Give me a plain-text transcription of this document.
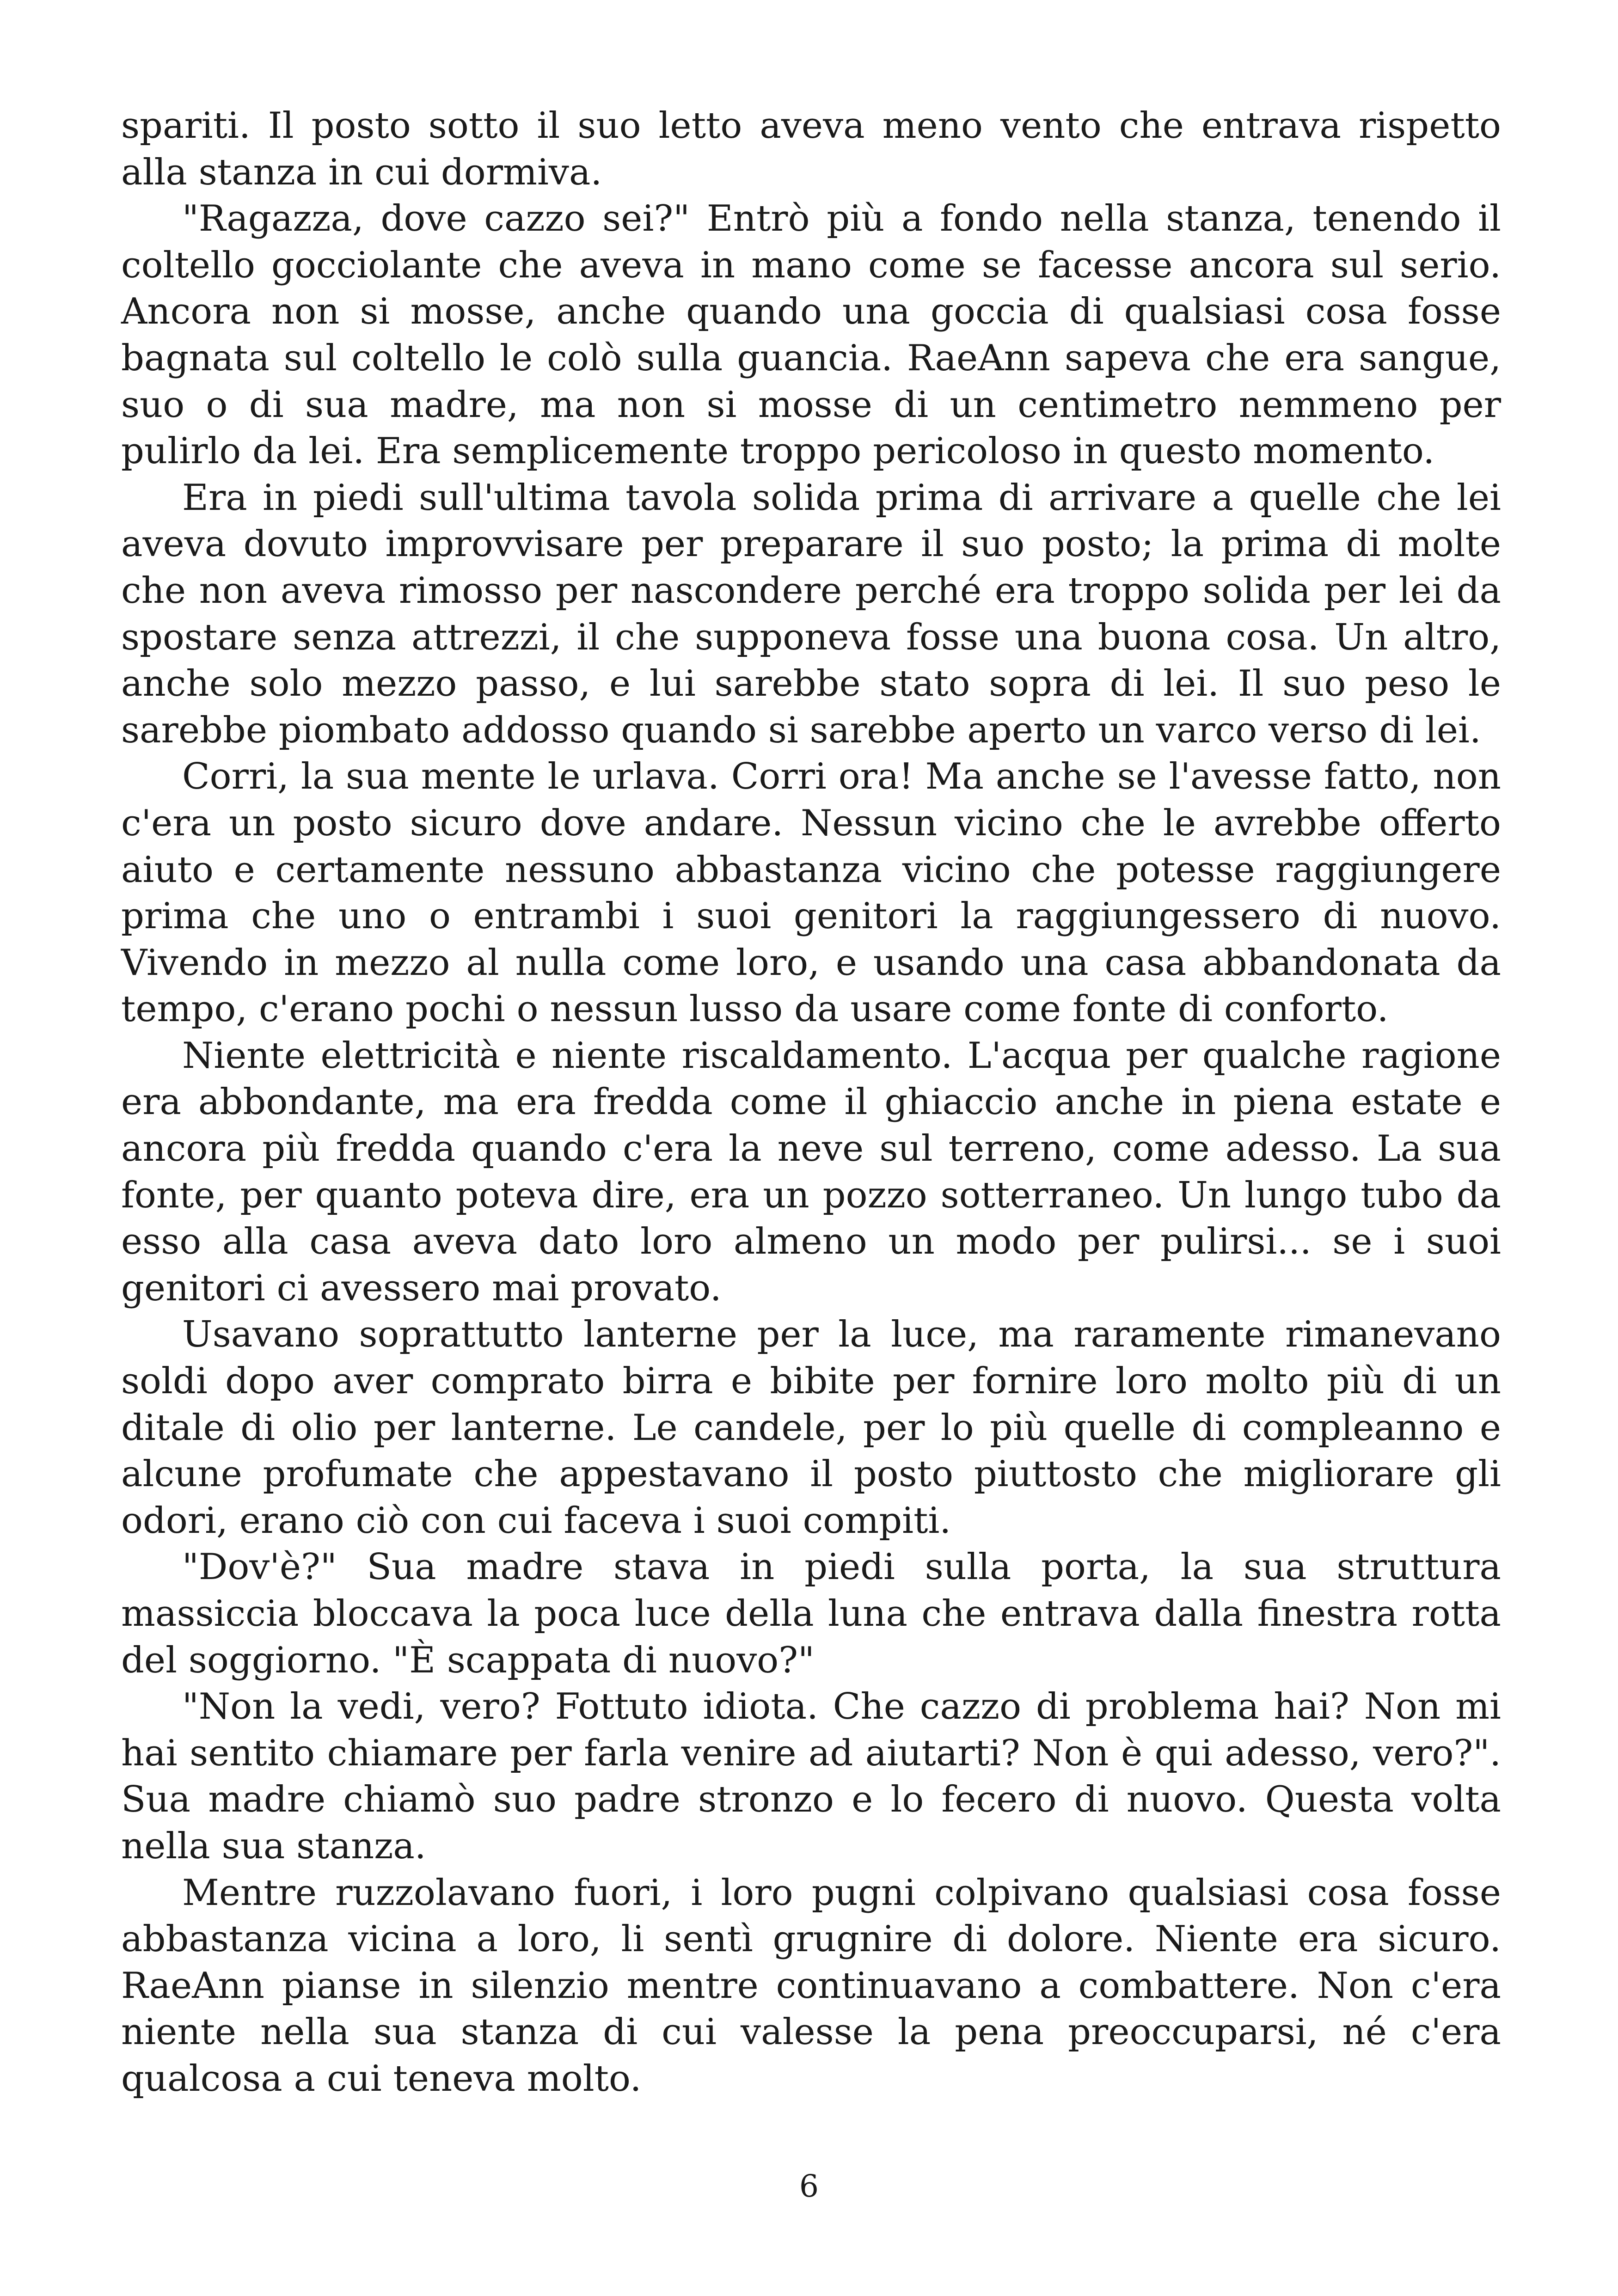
spariti. Il posto sotto il suo letto aveva meno vento che entrava rispetto alla stanza in cui dormiva.

"Ragazza, dove cazzo sei?" Entrò più a fondo nella stanza, tenendo il coltello gocciolante che aveva in mano come se facesse ancora sul serio. Ancora non si mosse, anche quando una goccia di qualsiasi cosa fosse bagnata sul coltello le colò sulla guancia. RaeAnn sapeva che era sangue, suo o di sua madre, ma non si mosse di un centimetro nemmeno per pulirlo da lei. Era semplicemente troppo pericoloso in questo momento.

Era in piedi sull'ultima tavola solida prima di arrivare a quelle che lei aveva dovuto improvvisare per preparare il suo posto; la prima di molte che non aveva rimosso per nascondere perché era troppo solida per lei da spostare senza attrezzi, il che supponeva fosse una buona cosa. Un altro, anche solo mezzo passo, e lui sarebbe stato sopra di lei. Il suo peso le sarebbe piombato addosso quando si sarebbe aperto un varco verso di lei.

Corri, la sua mente le urlava. Corri ora! Ma anche se l'avesse fatto, non c'era un posto sicuro dove andare. Nessun vicino che le avrebbe offerto aiuto e certamente nessuno abbastanza vicino che potesse raggiungere prima che uno o entrambi i suoi genitori la raggiungessero di nuovo. Vivendo in mezzo al nulla come loro, e usando una casa abbandonata da tempo, c'erano pochi o nessun lusso da usare come fonte di conforto.

Niente elettricità e niente riscaldamento. L'acqua per qualche ragione era abbondante, ma era fredda come il ghiaccio anche in piena estate e ancora più fredda quando c'era la neve sul terreno, come adesso. La sua fonte, per quanto poteva dire, era un pozzo sotterraneo. Un lungo tubo da esso alla casa aveva dato loro almeno un modo per pulirsi... se i suoi genitori ci avessero mai provato.

Usavano soprattutto lanterne per la luce, ma raramente rimanevano soldi dopo aver comprato birra e bibite per fornire loro molto più di un ditale di olio per lanterne. Le candele, per lo più quelle di compleanno e alcune profumate che appestavano il posto piuttosto che migliorare gli odori, erano ciò con cui faceva i suoi compiti.

"Dov'è?" Sua madre stava in piedi sulla porta, la sua struttura massiccia bloccava la poca luce della luna che entrava dalla finestra rotta del soggiorno. "È scappata di nuovo?"

"Non la vedi, vero? Fottuto idiota. Che cazzo di problema hai? Non mi hai sentito chiamare per farla venire ad aiutarti? Non è qui adesso, vero?". Sua madre chiamò suo padre stronzo e lo fecero di nuovo. Questa volta nella sua stanza.

Mentre ruzzolavano fuori, i loro pugni colpivano qualsiasi cosa fosse abbastanza vicina a loro, li sentì grugnire di dolore. Niente era sicuro. RaeAnn pianse in silenzio mentre continuavano a combattere. Non c'era niente nella sua stanza di cui valesse la pena preoccuparsi, né c'era qualcosa a cui teneva molto.

6
